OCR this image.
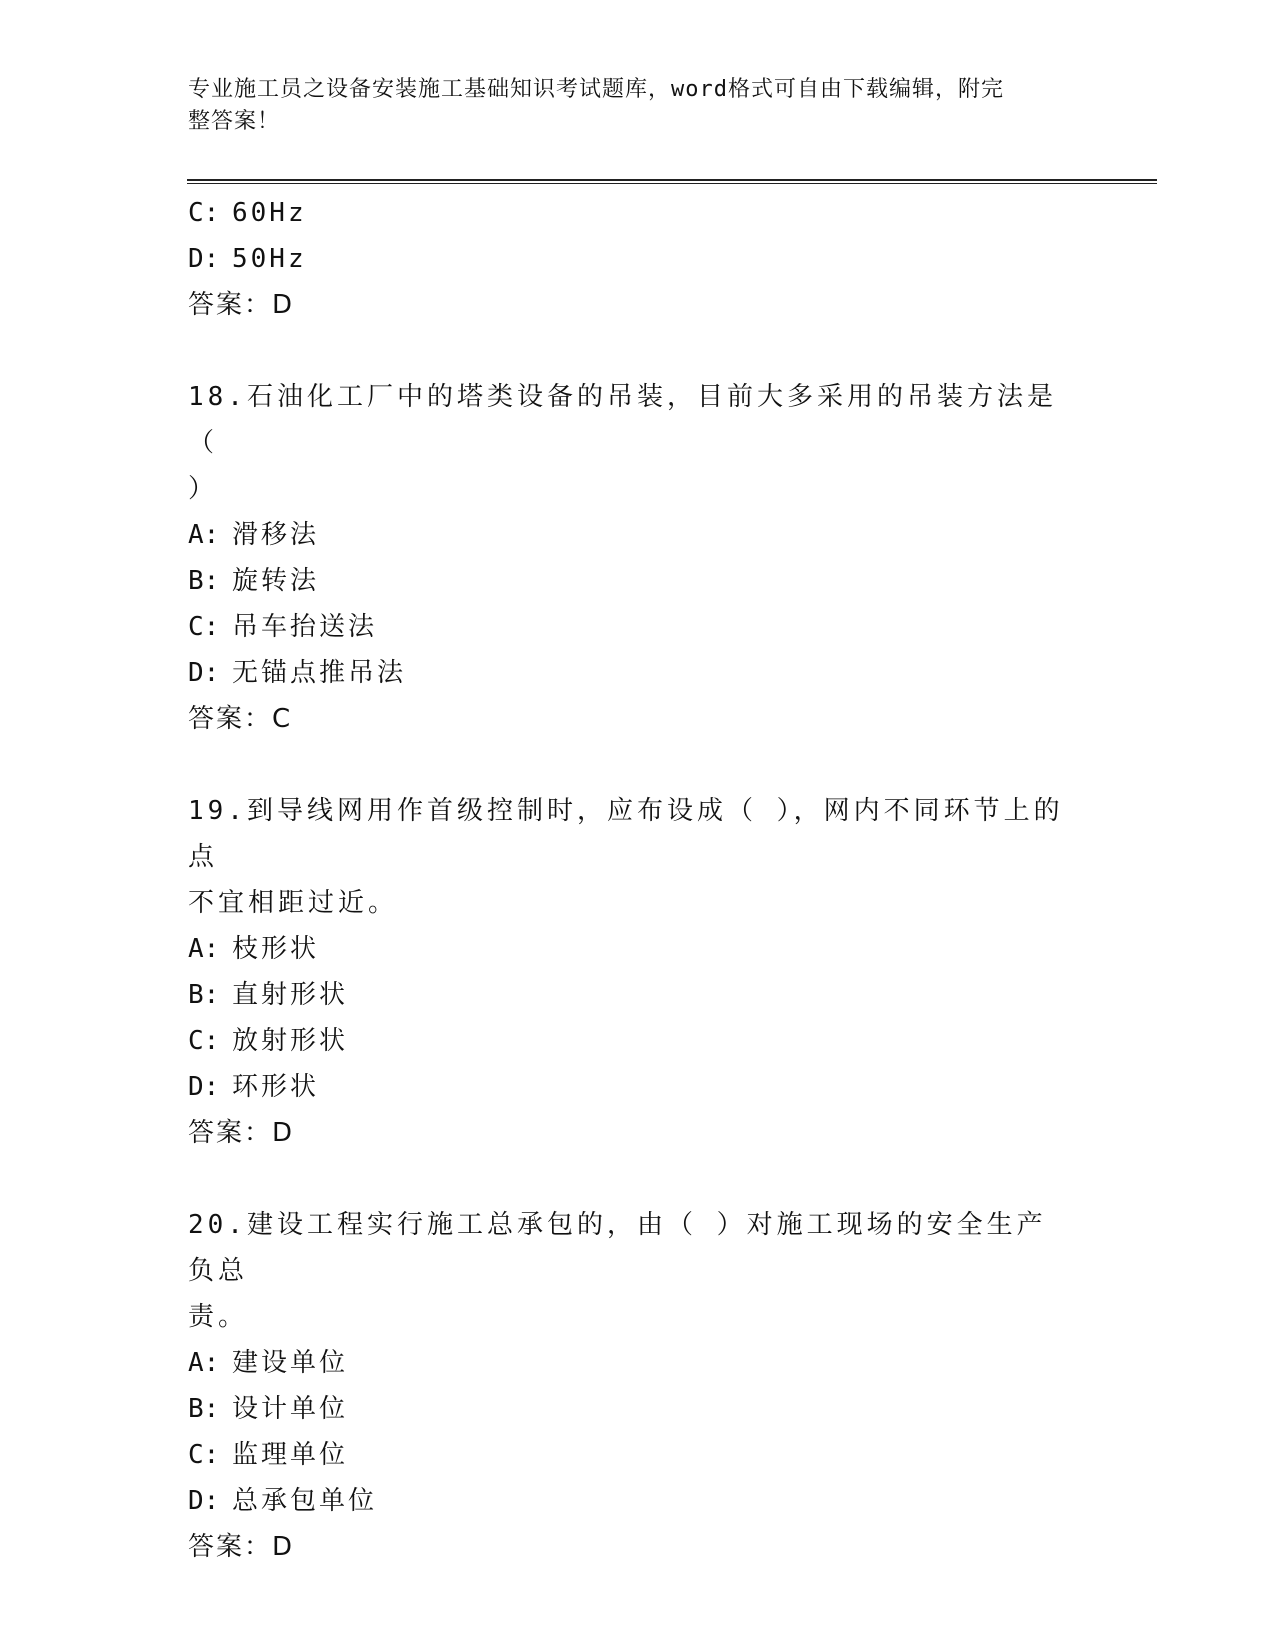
专业施工员之设备安装施工基础知识考试题库，word格式可自由下载编辑，附完
整答案！
C: 60Hz
D: 50Hz
答案：D
18.石油化工厂中的塔类设备的吊装，目前大多采用的吊装方法是（
）
A: 滑移法
B: 旋转法
C: 吊车抬送法
D: 无锚点推吊法
答案：C
19.到导线网用作首级控制时，应布设成（ ），网内不同环节上的点
不宜相距过近。
A: 枝形状
B: 直射形状
C: 放射形状
D: 环形状
答案：D
20.建设工程实行施工总承包的，由（ ）对施工现场的安全生产负总
责。
A: 建设单位
B: 设计单位
C: 监理单位
D: 总承包单位
答案：D
